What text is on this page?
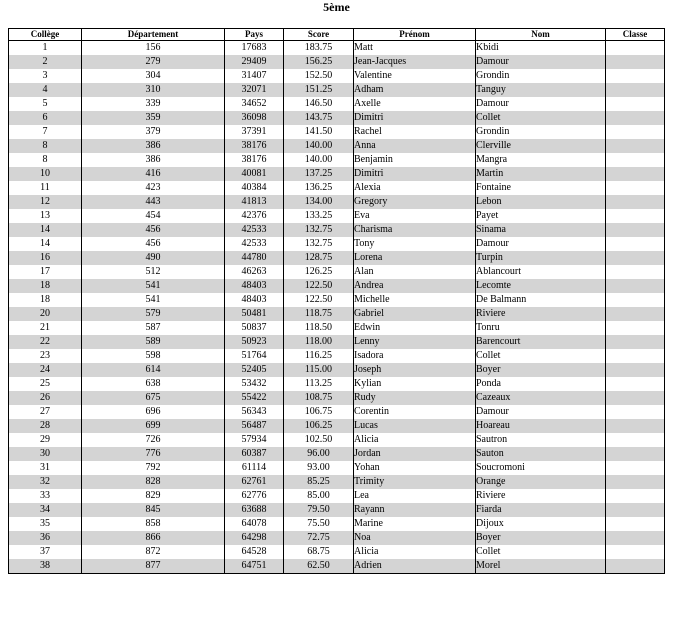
5ème
Collège	Département	Pays	Score	Prénom	Nom	Classe
1	156	17683	183.75	Matt	Kbidi	
2	279	29409	156.25	Jean-Jacques	Damour	
3	304	31407	152.50	Valentine	Grondin	
4	310	32071	151.25	Adham	Tanguy	
5	339	34652	146.50	Axelle	Damour	
6	359	36098	143.75	Dimitri	Collet	
7	379	37391	141.50	Rachel	Grondin	
8	386	38176	140.00	Anna	Clerville	
8	386	38176	140.00	Benjamin	Mangra	
10	416	40081	137.25	Dimitri	Martin	
11	423	40384	136.25	Alexia	Fontaine	
12	443	41813	134.00	Gregory	Lebon	
13	454	42376	133.25	Eva	Payet	
14	456	42533	132.75	Charisma	Sinama	
14	456	42533	132.75	Tony	Damour	
16	490	44780	128.75	Lorena	Turpin	
17	512	46263	126.25	Alan	Ablancourt	
18	541	48403	122.50	Andrea	Lecomte	
18	541	48403	122.50	Michelle	De Balmann	
20	579	50481	118.75	Gabriel	Riviere	
21	587	50837	118.50	Edwin	Tonru	
22	589	50923	118.00	Lenny	Barencourt	
23	598	51764	116.25	Isadora	Collet	
24	614	52405	115.00	Joseph	Boyer	
25	638	53432	113.25	Kylian	Ponda	
26	675	55422	108.75	Rudy	Cazeaux	
27	696	56343	106.75	Corentin	Damour	
28	699	56487	106.25	Lucas	Hoareau	
29	726	57934	102.50	Alicia	Sautron	
30	776	60387	96.00	Jordan	Sauton	
31	792	61114	93.00	Yohan	Soucromoni	
32	828	62761	85.25	Trimity	Orange	
33	829	62776	85.00	Lea	Riviere	
34	845	63688	79.50	Rayann	Fiarda	
35	858	64078	75.50	Marine	Dijoux	
36	866	64298	72.75	Noa	Boyer	
37	872	64528	68.75	Alicia	Collet	
38	877	64751	62.50	Adrien	Morel	
